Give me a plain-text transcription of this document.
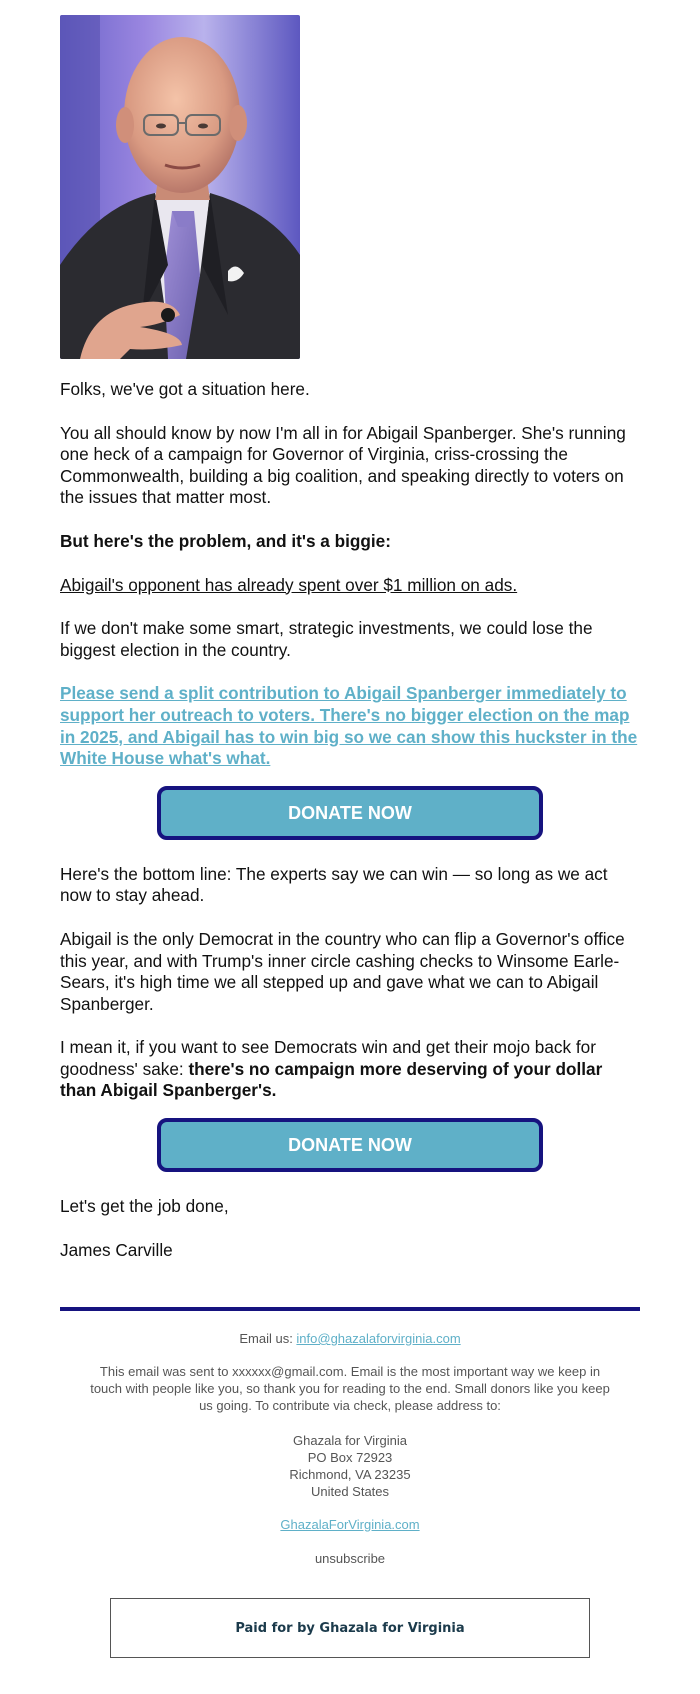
Folks, we've got a situation here.

You all should know by now I'm all in for Abigail Spanberger. She's running one heck of a campaign for Governor of Virginia, criss-crossing the Commonwealth, building a big coalition, and speaking directly to voters on the issues that matter most.

But here's the problem, and it's a biggie:

Abigail's opponent has already spent over $1 million on ads.

If we don't make some smart, strategic investments, we could lose the biggest election in the country.

Please send a split contribution to Abigail Spanberger immediately to support her outreach to voters. There's no bigger election on the map in 2025, and Abigail has to win big so we can show this huckster in the White House what's what.

DONATE NOW

Here's the bottom line: The experts say we can win — so long as we act now to stay ahead.

Abigail is the only Democrat in the country who can flip a Governor's office this year, and with Trump's inner circle cashing checks to Winsome Earle-Sears, it's high time we all stepped up and gave what we can to Abigail Spanberger.

I mean it, if you want to see Democrats win and get their mojo back for goodness' sake: there's no campaign more deserving of your dollar than Abigail Spanberger's.

DONATE NOW

Let's get the job done,

James Carville

Email us: info@ghazalaforvirginia.com

This email was sent to xxxxxx@gmail.com. Email is the most important way we keep in touch with people like you, so thank you for reading to the end. Small donors like you keep us going. To contribute via check, please address to:

Ghazala for Virginia
PO Box 72923
Richmond, VA 23235
United States

GhazalaForVirginia.com

unsubscribe

Paid for by Ghazala for Virginia
